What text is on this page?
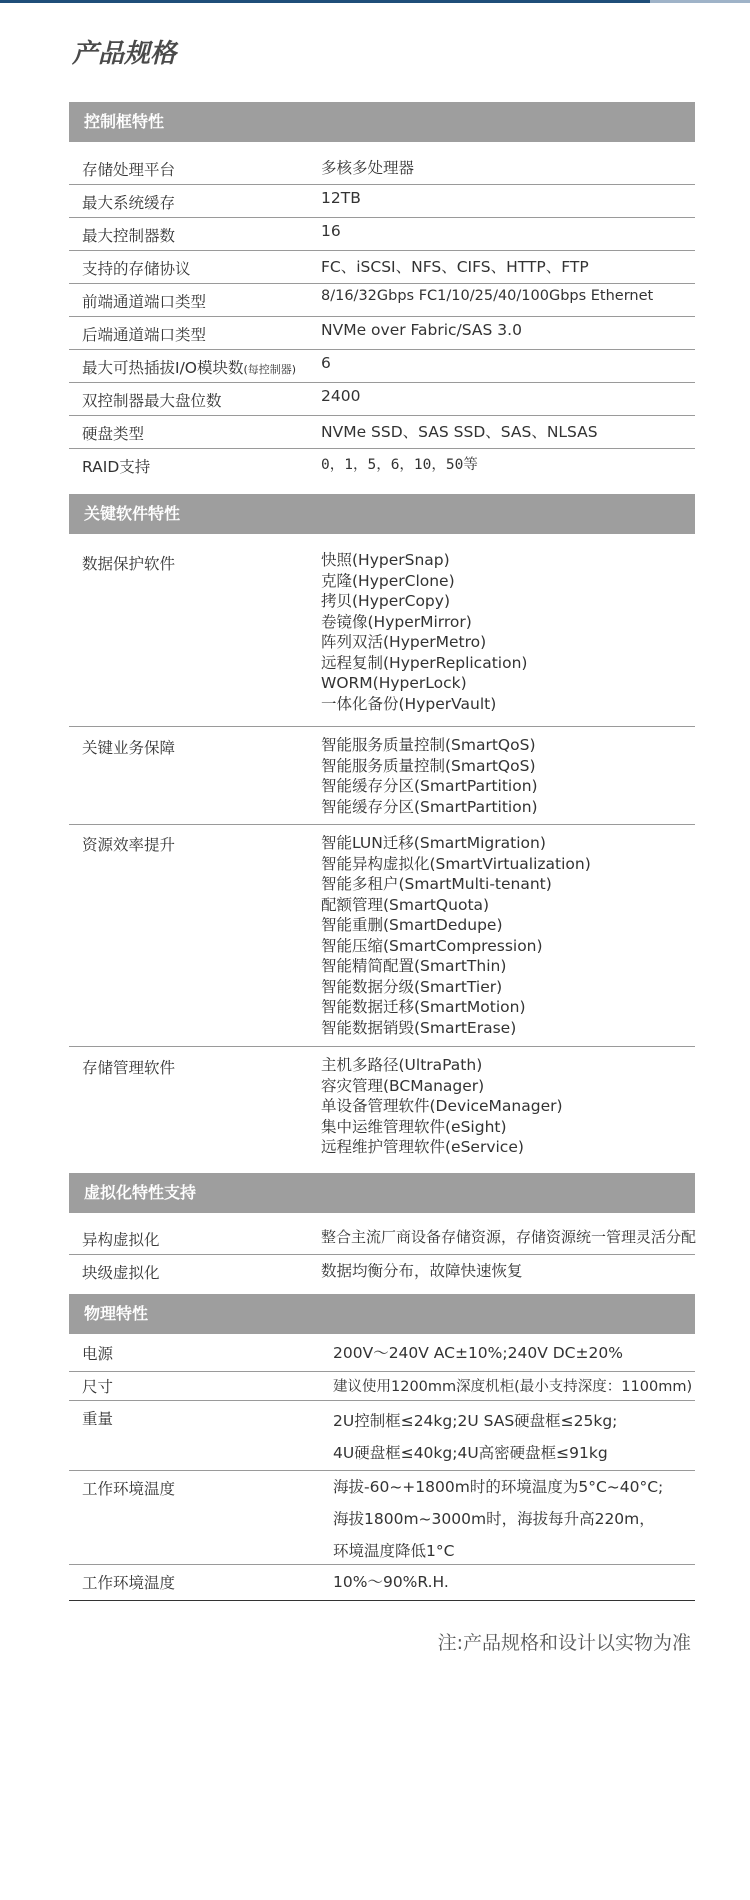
产品规格
控制框特性
存储处理平台	多核多处理器
最大系统缓存	12TB
最大控制器数	16
支持的存储协议	FC、iSCSI、NFS、CIFS、HTTP、FTP
前端通道端口类型	8/16/32Gbps FC1/10/25/40/100Gbps Ethernet
后端通道端口类型	NVMe over Fabric/SAS 3.0
最大可热插拔I/O模块数(每控制器) 6
双控制器最大盘位数	2400
硬盘类型	NVMe SSD、SAS SSD、SAS、NLSAS
RAID支持	0，1，5，6，10，50等
关键软件特性
数据保护软件	快照(HyperSnap)
克隆(HyperClone)
拷贝(HyperCopy)
卷镜像(HyperMirror)
阵列双活(HyperMetro)
远程复制(HyperReplication)
WORM(HyperLock)
一体化备份(HyperVault)
关键业务保障	智能服务质量控制(SmartQoS)
智能服务质量控制(SmartQoS)
智能缓存分区(SmartPartition)
智能缓存分区(SmartPartition)
资源效率提升	智能LUN迁移(SmartMigration)
智能异构虚拟化(SmartVirtualization)
智能多租户(SmartMulti-tenant)
配额管理(SmartQuota)
智能重删(SmartDedupe)
智能压缩(SmartCompression)
智能精简配置(SmartThin)
智能数据分级(SmartTier)
智能数据迁移(SmartMotion)
智能数据销毁(SmartErase)
存储管理软件	主机多路径(UltraPath)
容灾管理(BCManager)
单设备管理软件(DeviceManager)
集中运维管理软件(eSight)
远程维护管理软件(eService)
虚拟化特性支持
异构虚拟化	整合主流厂商设备存储资源，存储资源统一管理灵活分配
块级虚拟化	数据均衡分布，故障快速恢复
物理特性
电源	200V～240V AC±10%;240V DC±20%
尺寸	建议使用1200mm深度机柜(最小支持深度：1100mm)
重量	2U控制框≤24kg;2U SAS硬盘框≤25kg;
4U硬盘框≤40kg;4U高密硬盘框≤91kg
工作环境温度	海拔-60~+1800m时的环境温度为5°C~40°C;
海拔1800m~3000m时，海拔每升高220m，
环境温度降低1°C
工作环境温度	10%～90%R.H.
注:产品规格和设计以实物为准
